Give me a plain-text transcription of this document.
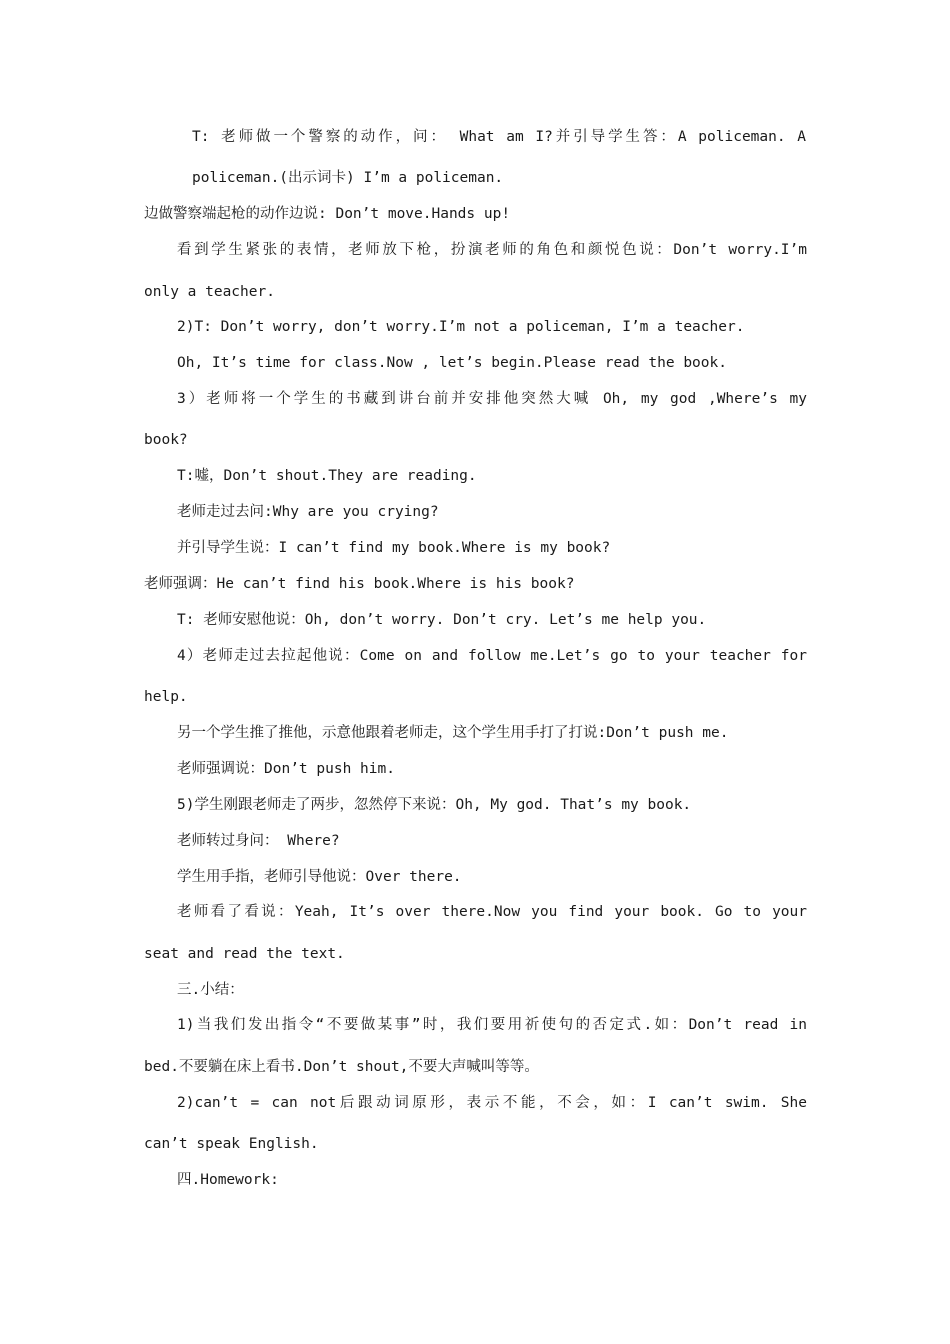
T: 老师做一个警察的动作，问： What am I?并引导学生答：A policeman. A
policeman.(出示词卡) I’m a policeman.
边做警察端起枪的动作边说: Don’t move.Hands up!
看到学生紧张的表情，老师放下枪，扮演老师的角色和颜悦色说：Don’t worry.I’m
only a teacher.
2)T: Don’t worry, don’t worry.I’m not a policeman, I’m a teacher.
Oh, It’s time for class.Now , let’s begin.Please read the book.
3）老师将一个学生的书藏到讲台前并安排他突然大喊 Oh, my god ,Where’s my
book?
T:嘘，Don’t shout.They are reading.
老师走过去问:Why are you crying?
并引导学生说：I can’t find my book.Where is my book?
老师强调：He can’t find his book.Where is his book?
T: 老师安慰他说：Oh, don’t worry. Don’t cry. Let’s me help you.
4）老师走过去拉起他说：Come on and follow me.Let’s go to your teacher for
help.
另一个学生推了推他，示意他跟着老师走，这个学生用手打了打说:Don’t push me.
老师强调说：Don’t push him.
5)学生刚跟老师走了两步，忽然停下来说：Oh, My god. That’s my book.
老师转过身问： Where?
学生用手指，老师引导他说：Over there.
老师看了看说：Yeah, It’s over there.Now you find your book. Go to your
seat and read the text.
三.小结：
1)当我们发出指令“不要做某事”时，我们要用祈使句的否定式.如：Don’t read in
bed.不要躺在床上看书.Don’t shout,不要大声喊叫等等。
2)can’t = can not后跟动词原形，表示不能，不会，如：I can’t swim. She
can’t speak English.
四.Homework:
